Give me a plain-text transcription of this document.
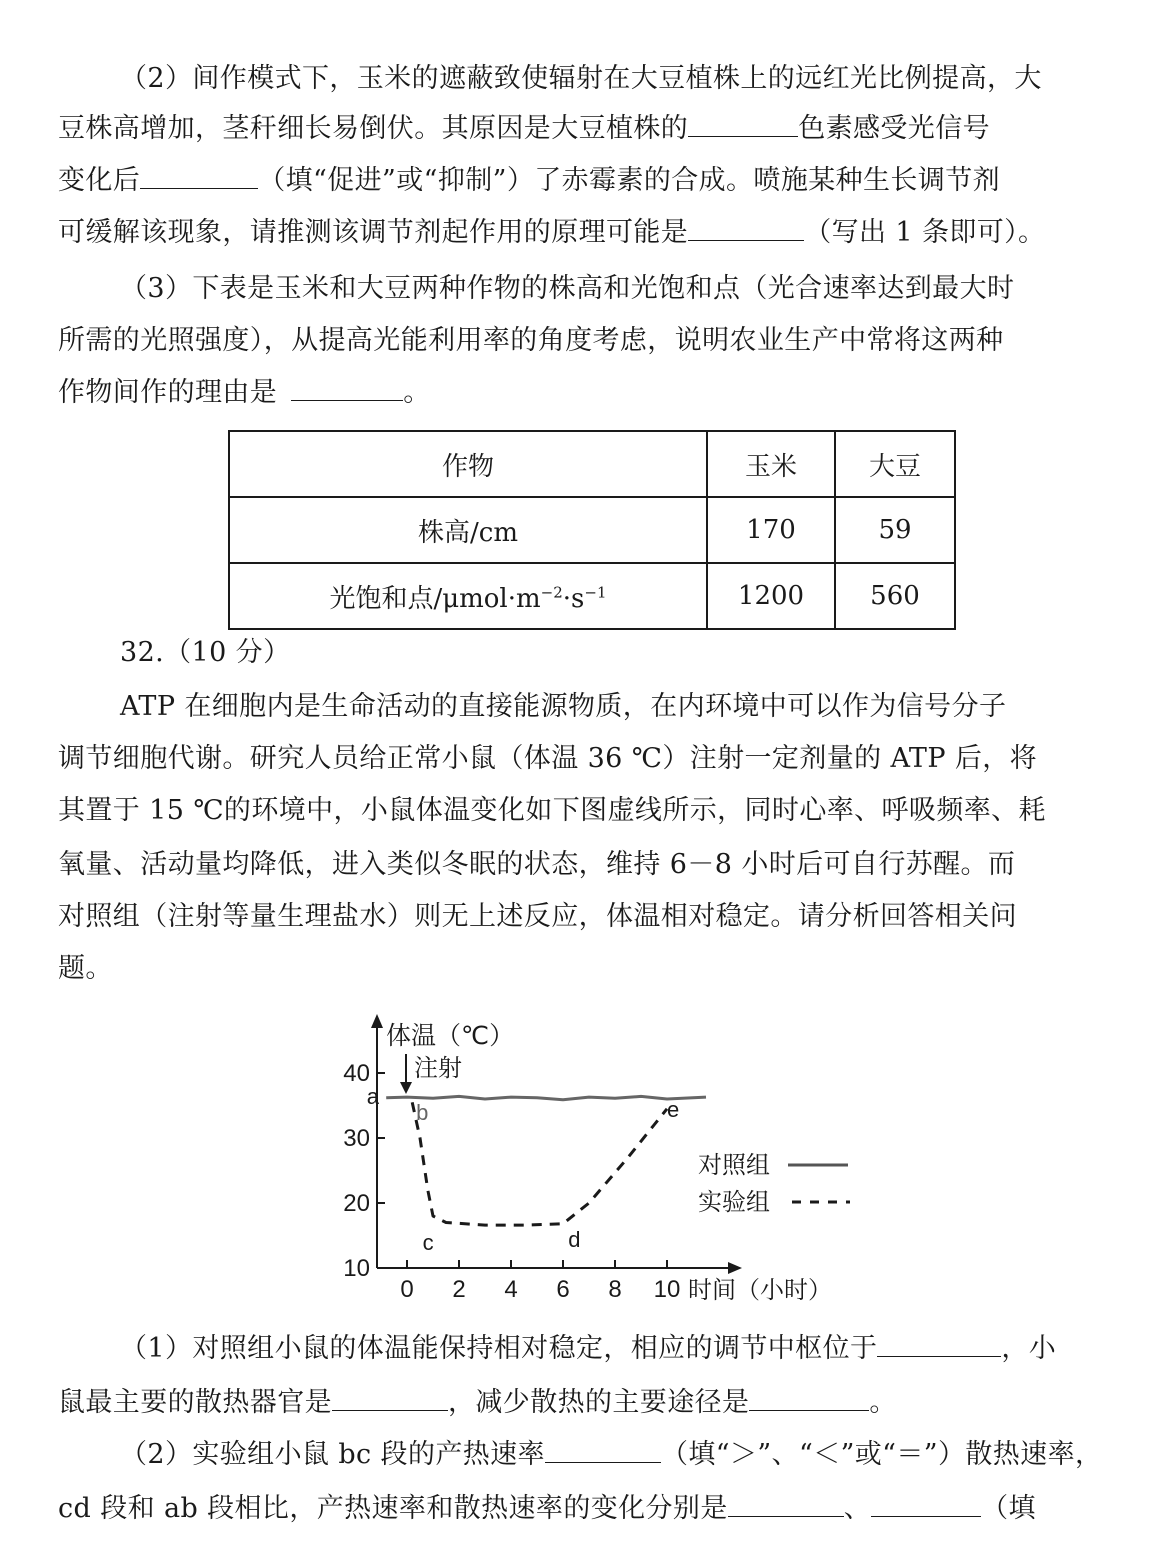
（2）间作模式下，玉米的遮蔽致使辐射在大豆植株上的远红光比例提高，大
豆株高增加，茎秆细长易倒伏。其原因是大豆植株的	色素感受光信号
变化后	（填“促进”或“抑制”）了赤霉素的合成。喷施某种生长调节剂
可缓解该现象，请推测该调节剂起作用的原理可能是	（写出 1 条即可）。
（3）下表是玉米和大豆两种作物的株高和光饱和点（光合速率达到最大时
所需的光照强度），从提高光能利用率的角度考虑，说明农业生产中常将这两种
作物间作的理由是	。
作物	玉米	大豆
株高/cm	170	59
光饱和点$/\mu mol\cdot m^{-2}\cdot s^{-1}$	1200	560
32.（10 分）
ATP 在细胞内是生命活动的直接能源物质，在内环境中可以作为信号分子
调节细胞代谢。研究人员给正常小鼠（体温 36 ℃）注射一定剂量的 ATP 后，将
其置于 15 ℃的环境中，小鼠体温变化如下图虚线所示，同时心率、呼吸频率、耗
氧量、活动量均降低，进入类似冬眠的状态，维持 6－8 小时后可自行苏醒。而
对照组（注射等量生理盐水）则无上述反应，体温相对稳定。请分析回答相关问
题。
体温（℃）
时间（小时）
注射
40
30
20
10
0 2 4 6 8 10
a
b
c	d
e
对照组
实验组
（1）对照组小鼠的体温能保持相对稳定，相应的调节中枢位于	，小
鼠最主要的散热器官是	，减少散热的主要途径是	。
（2）实验组小鼠 bc 段的产热速率	（填“＞”、“＜”或“＝”）散热速率，
cd 段和 ab 段相比，产热速率和散热速率的变化分别是	、	（填
